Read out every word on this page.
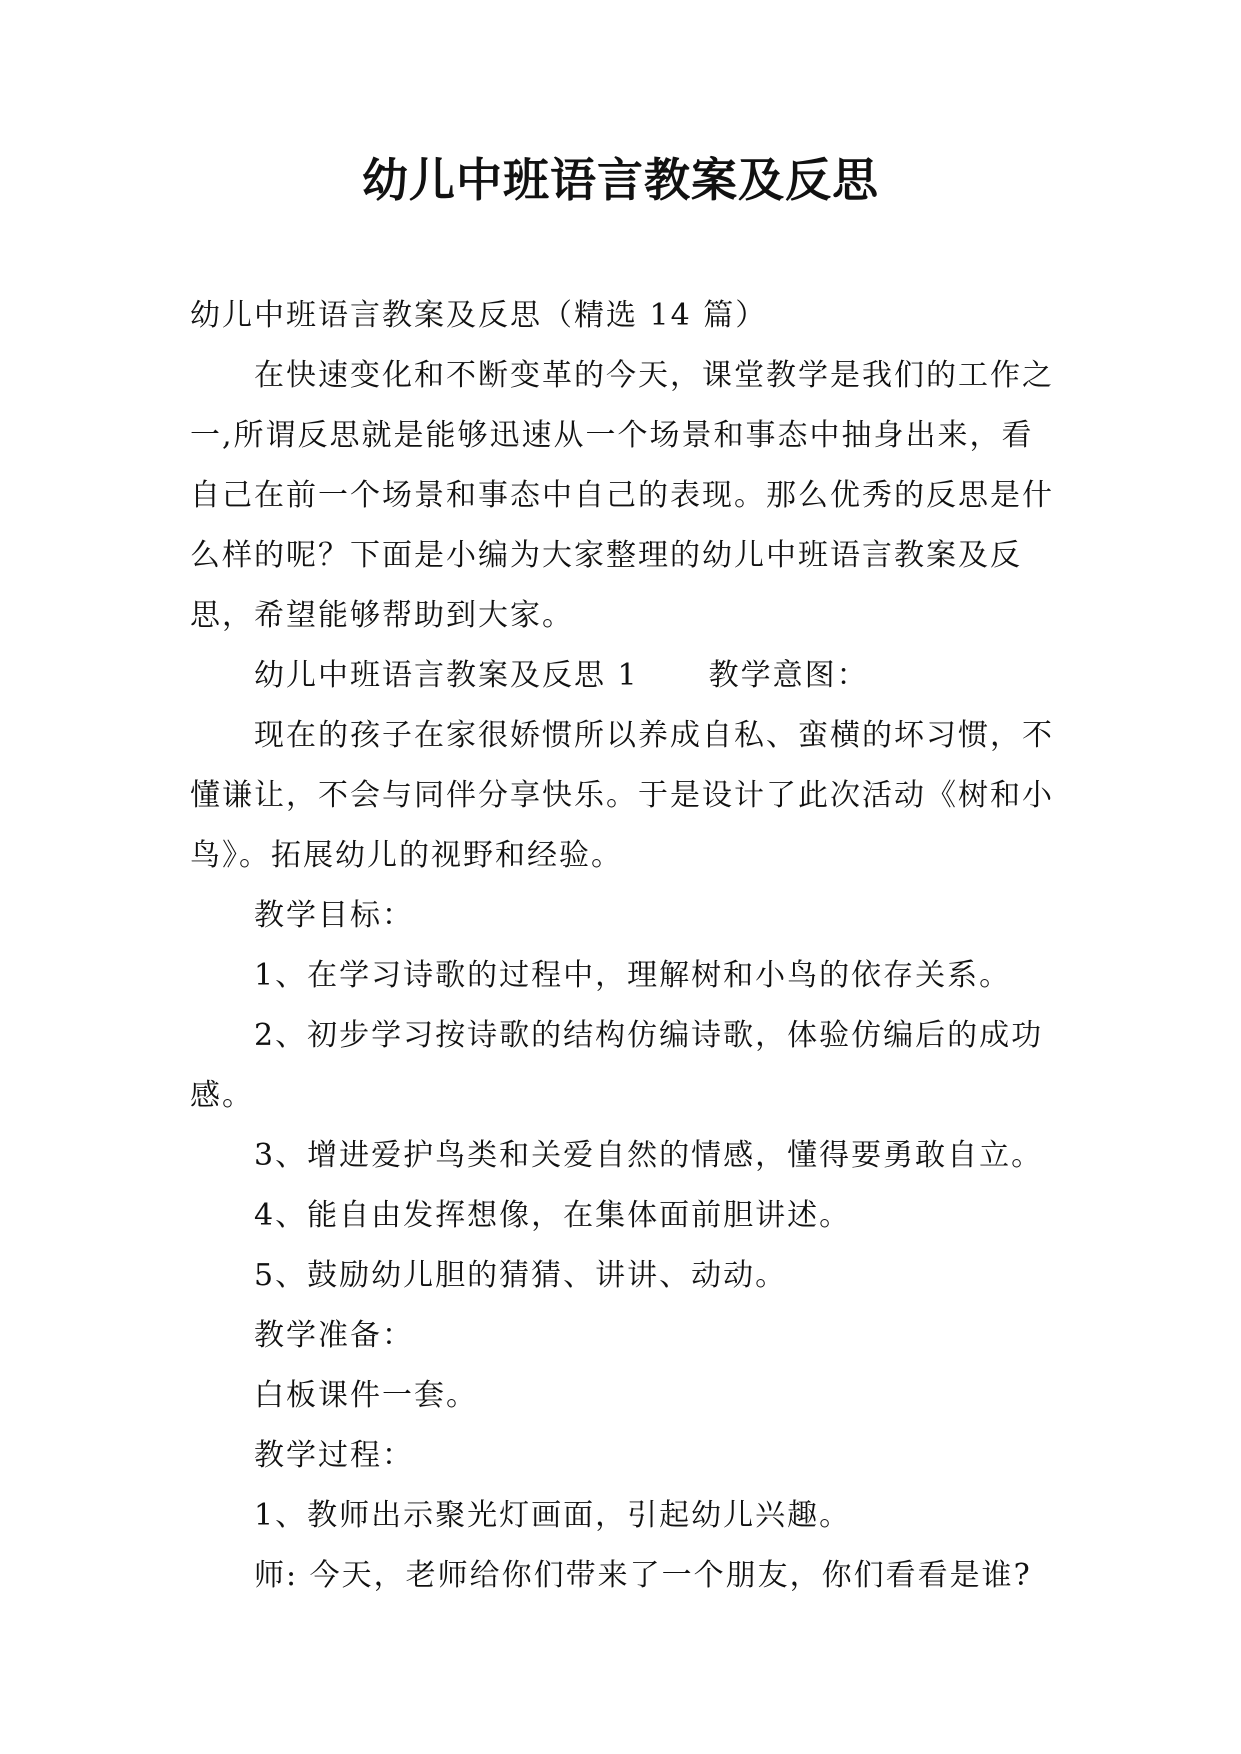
幼儿中班语言教案及反思

幼儿中班语言教案及反思（精选 14 篇）

在快速变化和不断变革的今天，课堂教学是我们的工作之一,所谓反思就是能够迅速从一个场景和事态中抽身出来，看自己在前一个场景和事态中自己的表现。那么优秀的反思是什么样的呢？下面是小编为大家整理的幼儿中班语言教案及反思，希望能够帮助到大家。

幼儿中班语言教案及反思 1 教学意图：

现在的孩子在家很娇惯所以养成自私、蛮横的坏习惯，不懂谦让，不会与同伴分享快乐。于是设计了此次活动《树和小鸟》。拓展幼儿的视野和经验。

教学目标：

1、在学习诗歌的过程中，理解树和小鸟的依存关系。

2、初步学习按诗歌的结构仿编诗歌，体验仿编后的成功感。

3、增进爱护鸟类和关爱自然的情感，懂得要勇敢自立。

4、能自由发挥想像，在集体面前胆讲述。

5、鼓励幼儿胆的猜猜、讲讲、动动。

教学准备：

白板课件一套。

教学过程：

1、教师出示聚光灯画面，引起幼儿兴趣。

师: 今天，老师给你们带来了一个朋友，你们看看是谁?
